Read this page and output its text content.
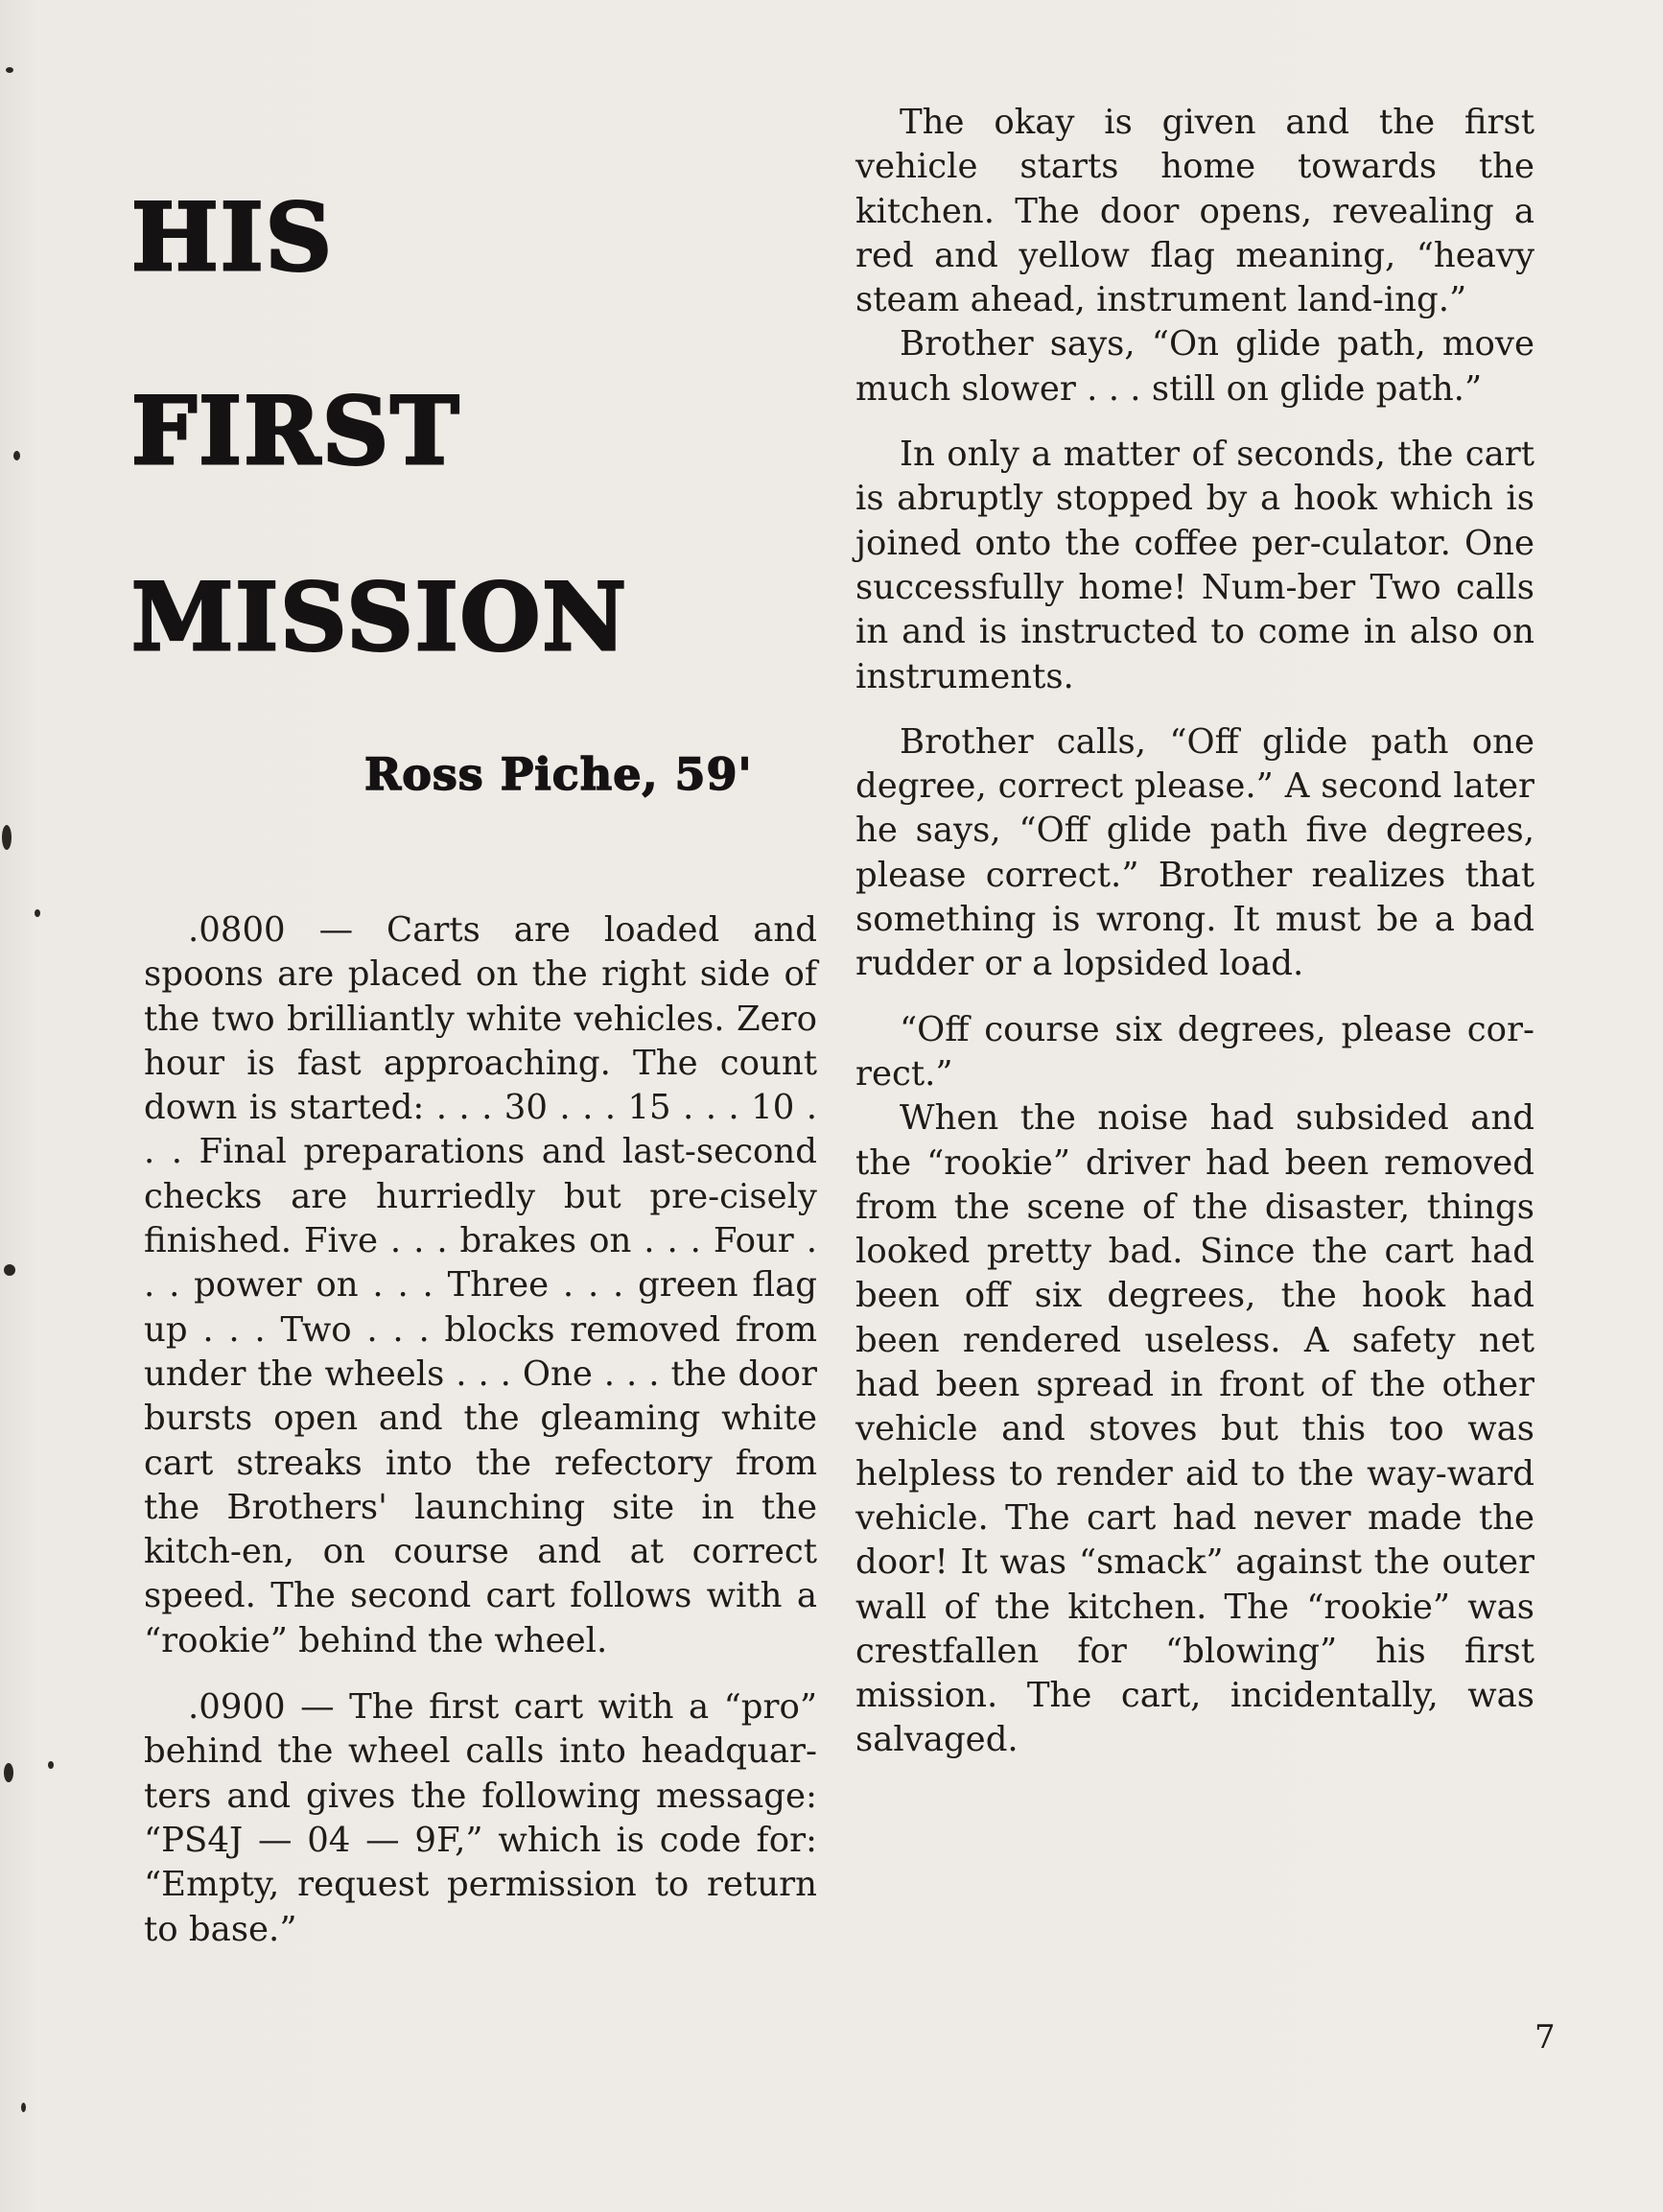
HIS
FIRST
MISSION
Ross Piche, 59'

.0800 — Carts are loaded and spoons are placed on the right side of the two brilliantly white vehicles. Zero hour is fast approaching. The count down is started: . . . 30 . . . 15 . . . 10 . . . Final preparations and last-second checks are hurriedly but pre-cisely finished. Five . . . brakes on . . . Four . . . power on . . . Three . . . green flag up . . . Two . . . blocks removed from under the wheels . . . One . . . the door bursts open and the gleaming white cart streaks into the refectory from the Brothers' launching site in the kitch-en, on course and at correct speed. The second cart follows with a “rookie” behind the wheel.

.0900 — The first cart with a “pro” behind the wheel calls into headquar-ters and gives the following message: “PS4J — 04 — 9F,” which is code for: “Empty, request permission to return to base.”

The okay is given and the first vehicle starts home towards the kitchen. The door opens, revealing a red and yellow flag meaning, “heavy steam ahead, instrument land-ing.”

Brother says, “On glide path, move much slower . . . still on glide path.”

In only a matter of seconds, the cart is abruptly stopped by a hook which is joined onto the coffee per-culator. One successfully home! Num-ber Two calls in and is instructed to come in also on instruments.

Brother calls, “Off glide path one degree, correct please.” A second later he says, “Off glide path five degrees, please correct.” Brother realizes that something is wrong. It must be a bad rudder or a lopsided load.

“Off course six degrees, please cor-rect.”

When the noise had subsided and the “rookie” driver had been removed from the scene of the disaster, things looked pretty bad. Since the cart had been off six degrees, the hook had been rendered useless. A safety net had been spread in front of the other vehicle and stoves but this too was helpless to render aid to the way-ward vehicle. The cart had never made the door! It was “smack” against the outer wall of the kitchen. The “rookie” was crestfallen for “blowing” his first mission. The cart, incidentally, was salvaged.

7
